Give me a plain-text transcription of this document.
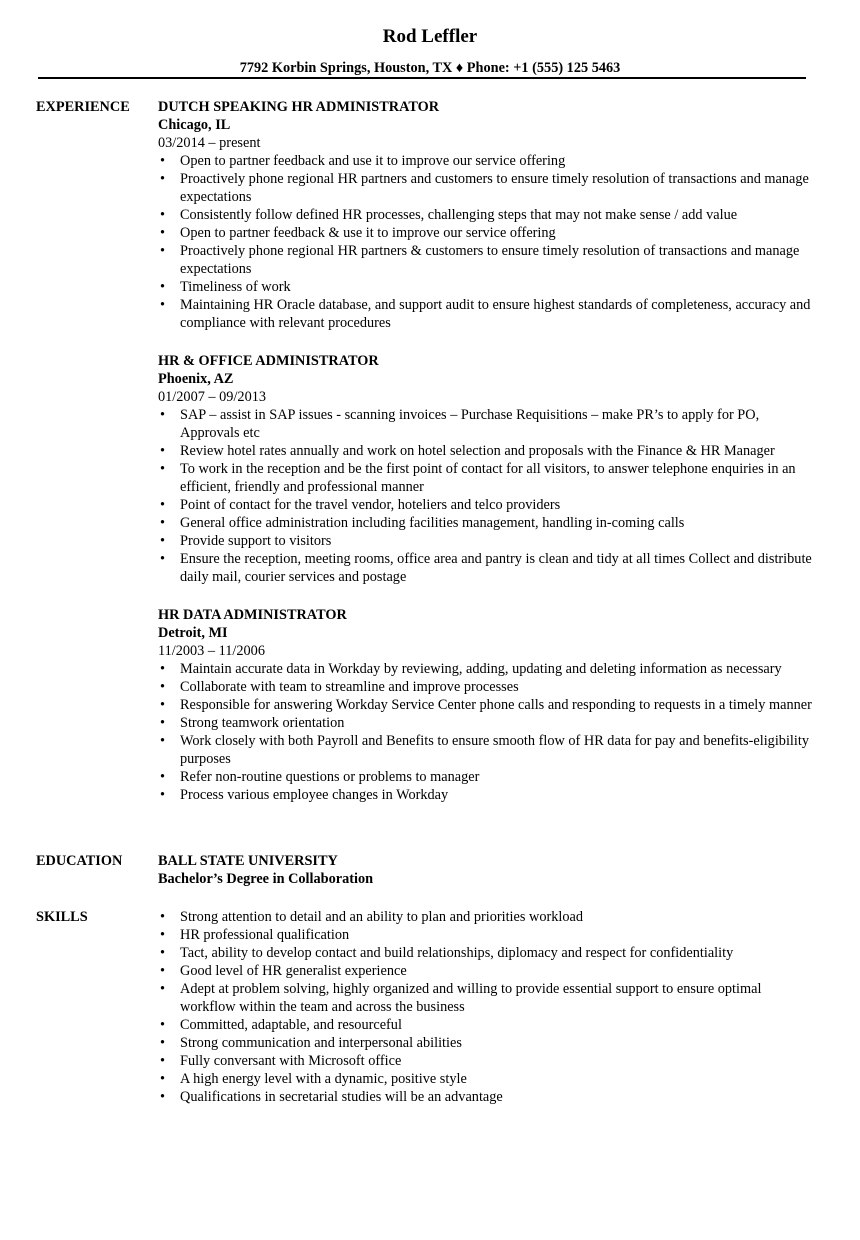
Rod Leffler
7792 Korbin Springs, Houston, TX ♦ Phone: +1 (555) 125 5463
EXPERIENCE	DUTCH SPEAKING HR ADMINISTRATOR
Chicago, IL
03/2014 – present
• Open to partner feedback and use it to improve our service offering
• Proactively phone regional HR partners and customers to ensure timely resolution of transactions and manage expectations
• Consistently follow defined HR processes, challenging steps that may not make sense / add value
• Open to partner feedback & use it to improve our service offering
• Proactively phone regional HR partners & customers to ensure timely resolution of transactions and manage expectations
• Timeliness of work
• Maintaining HR Oracle database, and support audit to ensure highest standards of completeness, accuracy and compliance with relevant procedures
HR & OFFICE ADMINISTRATOR
Phoenix, AZ
01/2007 – 09/2013
• SAP – assist in SAP issues - scanning invoices – Purchase Requisitions – make PR’s to apply for PO, Approvals etc
• Review hotel rates annually and work on hotel selection and proposals with the Finance & HR Manager
• To work in the reception and be the first point of contact for all visitors, to answer telephone enquiries in an efficient, friendly and professional manner
• Point of contact for the travel vendor, hoteliers and telco providers
• General office administration including facilities management, handling in-coming calls
• Provide support to visitors
• Ensure the reception, meeting rooms, office area and pantry is clean and tidy at all times Collect and distribute daily mail, courier services and postage
HR DATA ADMINISTRATOR
Detroit, MI
11/2003 – 11/2006
• Maintain accurate data in Workday by reviewing, adding, updating and deleting information as necessary
• Collaborate with team to streamline and improve processes
• Responsible for answering Workday Service Center phone calls and responding to requests in a timely manner
• Strong teamwork orientation
• Work closely with both Payroll and Benefits to ensure smooth flow of HR data for pay and benefits-eligibility purposes
• Refer non-routine questions or problems to manager
• Process various employee changes in Workday
EDUCATION	BALL STATE UNIVERSITY
Bachelor’s Degree in Collaboration
SKILLS
•	Strong attention to detail and an ability to plan and priorities workload
• HR professional qualification
• Tact, ability to develop contact and build relationships, diplomacy and respect for confidentiality
• Good level of HR generalist experience
• Adept at problem solving, highly organized and willing to provide essential support to ensure optimal workflow within the team and across the business
• Committed, adaptable, and resourceful
• Strong communication and interpersonal abilities
• Fully conversant with Microsoft office
• A high energy level with a dynamic, positive style
• Qualifications in secretarial studies will be an advantage
